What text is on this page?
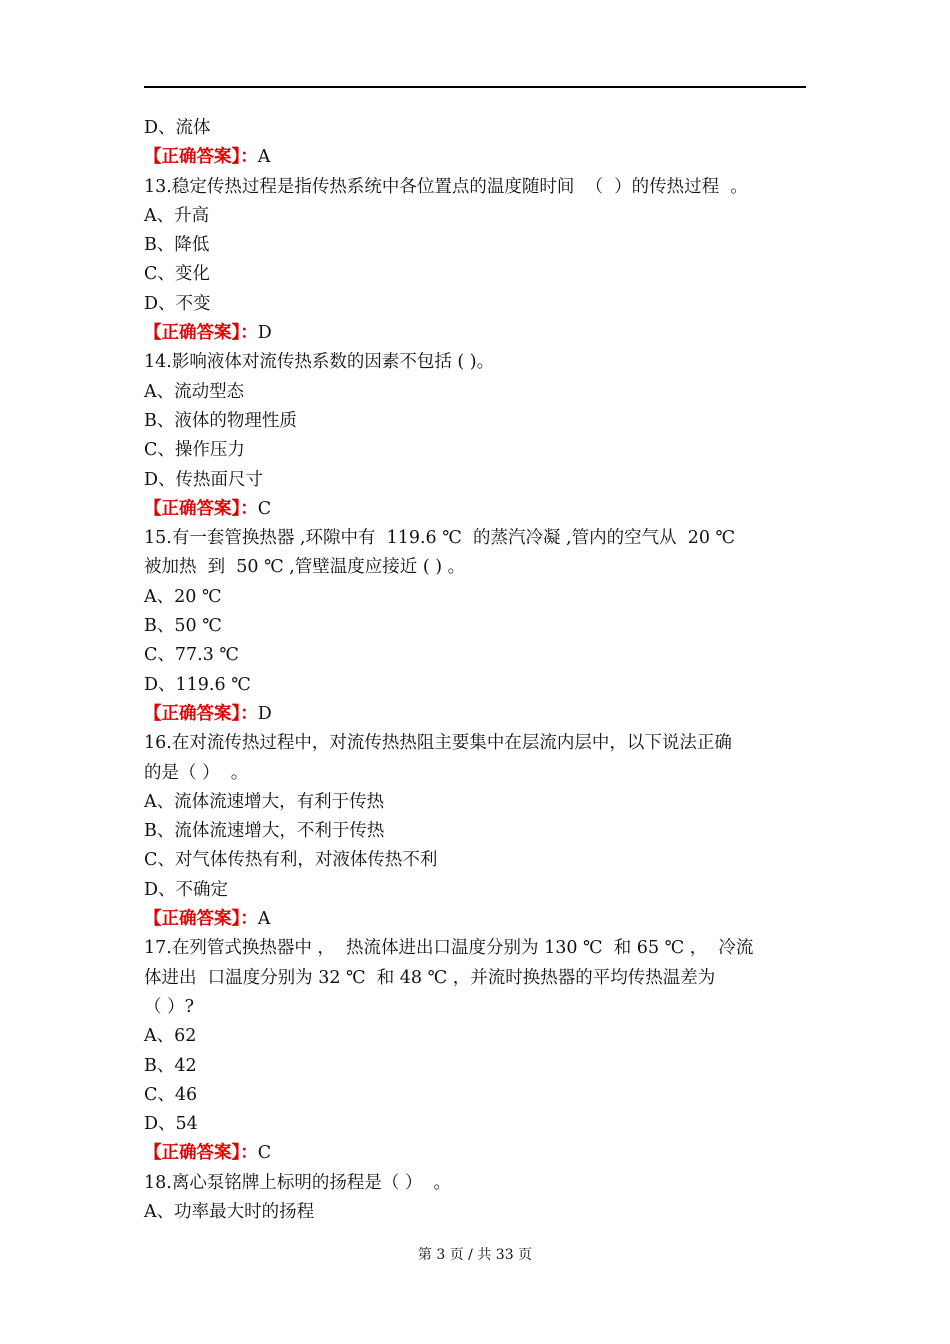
D、流体
【正确答案】：A
13.稳定传热过程是指传热系统中各位置点的温度随时间  （  ）的传热过程  。
A、升高
B、降低
C、变化
D、不变
【正确答案】：D
14.影响液体对流传热系数的因素不包括 ( )。
A、流动型态
B、液体的物理性质
C、操作压力
D、传热面尺寸
【正确答案】：C
15.有一套管换热器 ,环隙中有  119.6 ℃  的蒸汽冷凝 ,管内的空气从  20 ℃
被加热  到  50 ℃ ,管壁温度应接近 ( ) 。
A、20 ℃
B、50 ℃
C、77.3 ℃
D、119.6 ℃
【正确答案】：D
16.在对流传热过程中，对流传热热阻主要集中在层流内层中，以下说法正确
的是（ ）  。
A、流体流速增大，有利于传热
B、流体流速增大，不利于传热
C、对气体传热有利，对液体传热不利
D、不确定
【正确答案】：A
17.在列管式换热器中 ，  热流体进出口温度分别为 130 ℃  和 65 ℃ ，  冷流
体进出  口温度分别为 32 ℃  和 48 ℃ ，并流时换热器的平均传热温差为
（ ）?
A、62
B、42
C、46
D、54
【正确答案】：C
18.离心泵铭牌上标明的扬程是（ ）  。
A、功率最大时的扬程
第 3 页 / 共 33 页
